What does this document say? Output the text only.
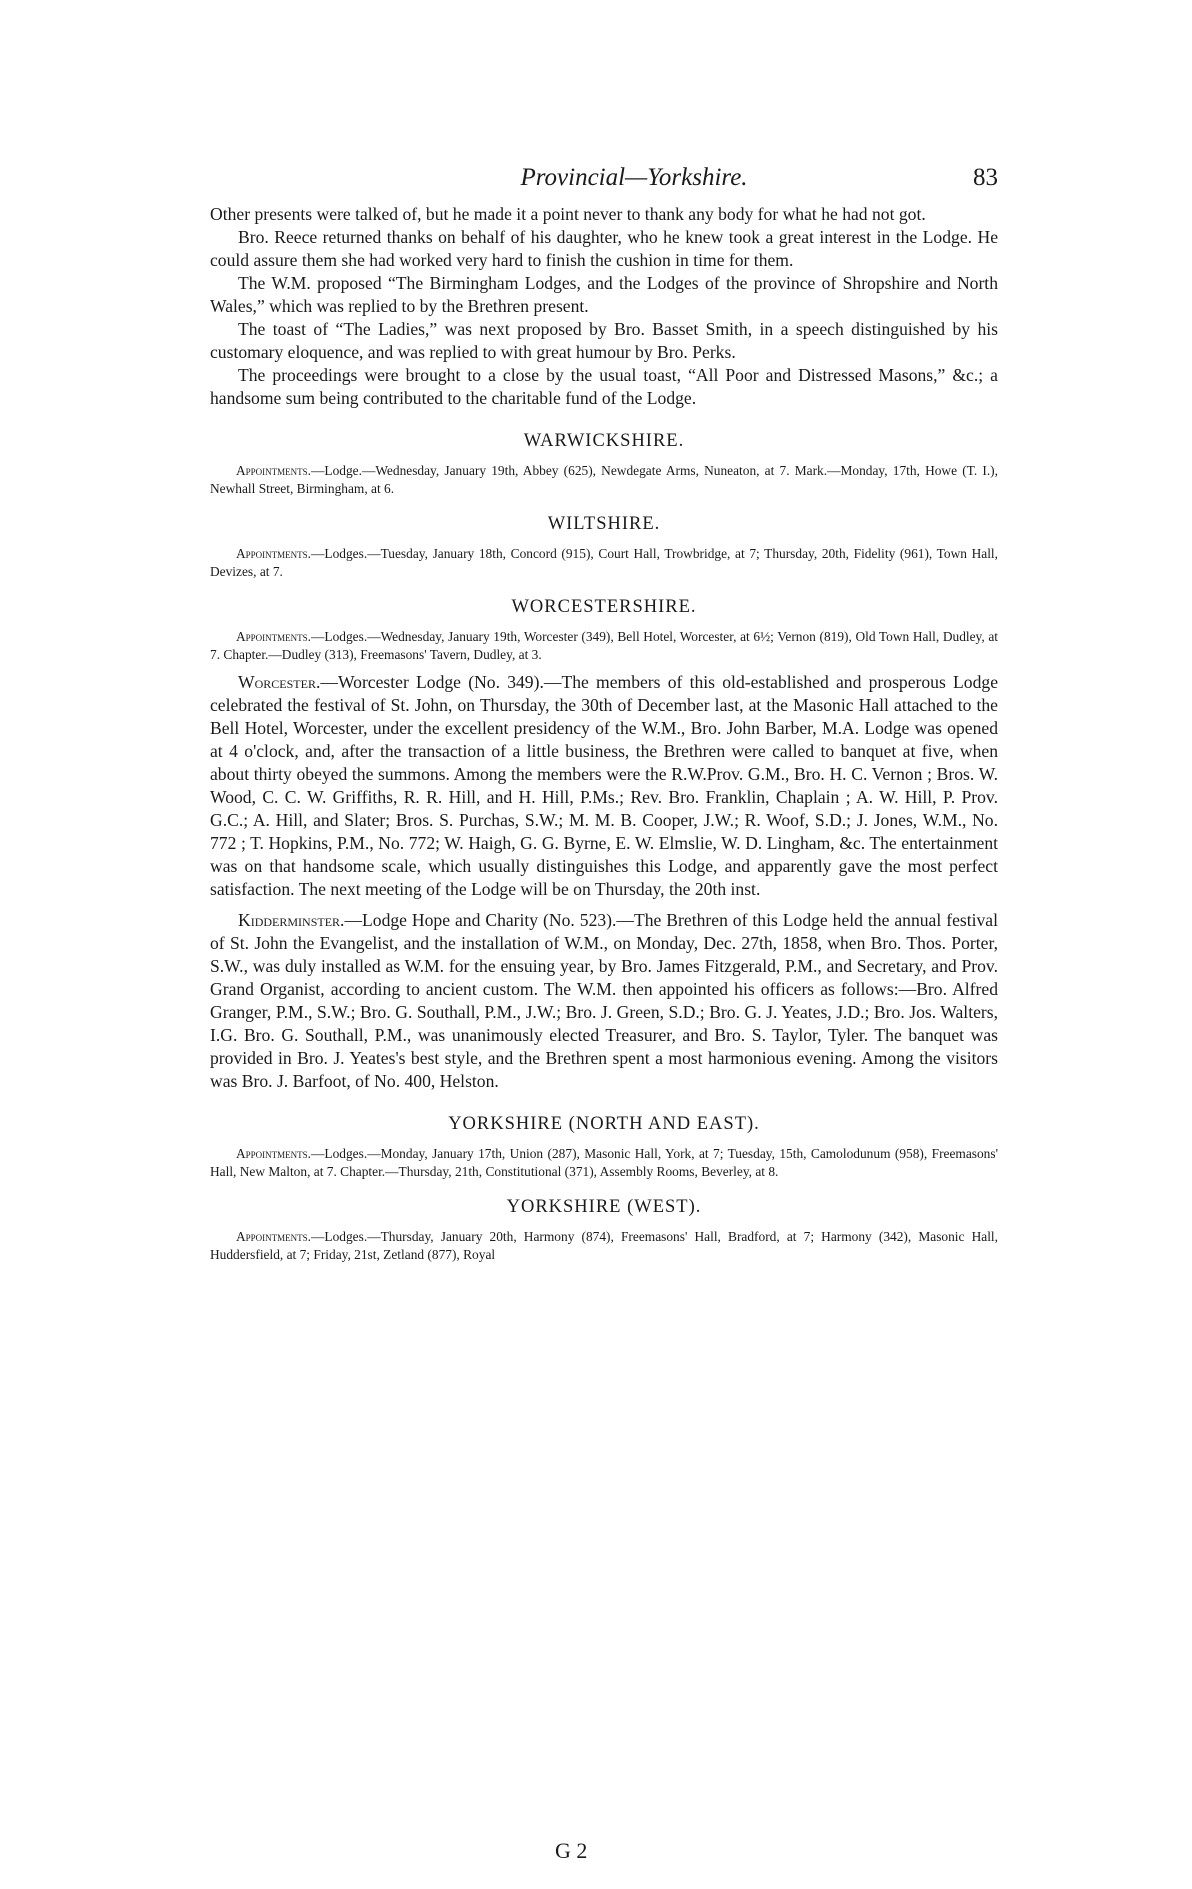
Provincial—Yorkshire.	83

Other presents were talked of, but he made it a point never to thank any body for what he had not got.

Bro. Reece returned thanks on behalf of his daughter, who he knew took a great interest in the Lodge. He could assure them she had worked very hard to finish the cushion in time for them.

The W.M. proposed “The Birmingham Lodges, and the Lodges of the province of Shropshire and North Wales,” which was replied to by the Brethren present.

The toast of “The Ladies,” was next proposed by Bro. Basset Smith, in a speech distinguished by his customary eloquence, and was replied to with great humour by Bro. Perks.

The proceedings were brought to a close by the usual toast, “All Poor and Distressed Masons,” &c.; a handsome sum being contributed to the charitable fund of the Lodge.

WARWICKSHIRE.

Appointments.—Lodge.—Wednesday, January 19th, Abbey (625), Newdegate Arms, Nuneaton, at 7. Mark.—Monday, 17th, Howe (T. I.), Newhall Street, Birmingham, at 6.

WILTSHIRE.

Appointments.—Lodges.—Tuesday, January 18th, Concord (915), Court Hall, Trowbridge, at 7; Thursday, 20th, Fidelity (961), Town Hall, Devizes, at 7.

WORCESTERSHIRE.

Appointments.—Lodges.—Wednesday, January 19th, Worcester (349), Bell Hotel, Worcester, at 6½; Vernon (819), Old Town Hall, Dudley, at 7. Chapter.—Dudley (313), Freemasons' Tavern, Dudley, at 3.

Worcester.—Worcester Lodge (No. 349).—The members of this old-established and prosperous Lodge celebrated the festival of St. John, on Thursday, the 30th of December last, at the Masonic Hall attached to the Bell Hotel, Worcester, under the excellent presidency of the W.M., Bro. John Barber, M.A. Lodge was opened at 4 o'clock, and, after the transaction of a little business, the Brethren were called to banquet at five, when about thirty obeyed the summons. Among the members were the R.W.Prov. G.M., Bro. H. C. Vernon ; Bros. W. Wood, C. C. W. Griffiths, R. R. Hill, and H. Hill, P.Ms.; Rev. Bro. Franklin, Chaplain ; A. W. Hill, P. Prov. G.C.; A. Hill, and Slater; Bros. S. Purchas, S.W.; M. M. B. Cooper, J.W.; R. Woof, S.D.; J. Jones, W.M., No. 772 ; T. Hopkins, P.M., No. 772; W. Haigh, G. G. Byrne, E. W. Elmslie, W. D. Lingham, &c. The entertainment was on that handsome scale, which usually distinguishes this Lodge, and apparently gave the most perfect satisfaction. The next meeting of the Lodge will be on Thursday, the 20th inst.

Kidderminster.—Lodge Hope and Charity (No. 523).—The Brethren of this Lodge held the annual festival of St. John the Evangelist, and the installation of W.M., on Monday, Dec. 27th, 1858, when Bro. Thos. Porter, S.W., was duly installed as W.M. for the ensuing year, by Bro. James Fitzgerald, P.M., and Secretary, and Prov. Grand Organist, according to ancient custom. The W.M. then appointed his officers as follows:—Bro. Alfred Granger, P.M., S.W.; Bro. G. Southall, P.M., J.W.; Bro. J. Green, S.D.; Bro. G. J. Yeates, J.D.; Bro. Jos. Walters, I.G. Bro. G. Southall, P.M., was unanimously elected Treasurer, and Bro. S. Taylor, Tyler. The banquet was provided in Bro. J. Yeates's best style, and the Brethren spent a most harmonious evening. Among the visitors was Bro. J. Barfoot, of No. 400, Helston.

YORKSHIRE (NORTH AND EAST).

Appointments.—Lodges.—Monday, January 17th, Union (287), Masonic Hall, York, at 7; Tuesday, 15th, Camolodunum (958), Freemasons' Hall, New Malton, at 7. Chapter.—Thursday, 21th, Constitutional (371), Assembly Rooms, Beverley, at 8.

YORKSHIRE (WEST).

Appointments.—Lodges.—Thursday, January 20th, Harmony (874), Freemasons' Hall, Bradford, at 7; Harmony (342), Masonic Hall, Huddersfield, at 7; Friday, 21st, Zetland (877), Royal

G 2
